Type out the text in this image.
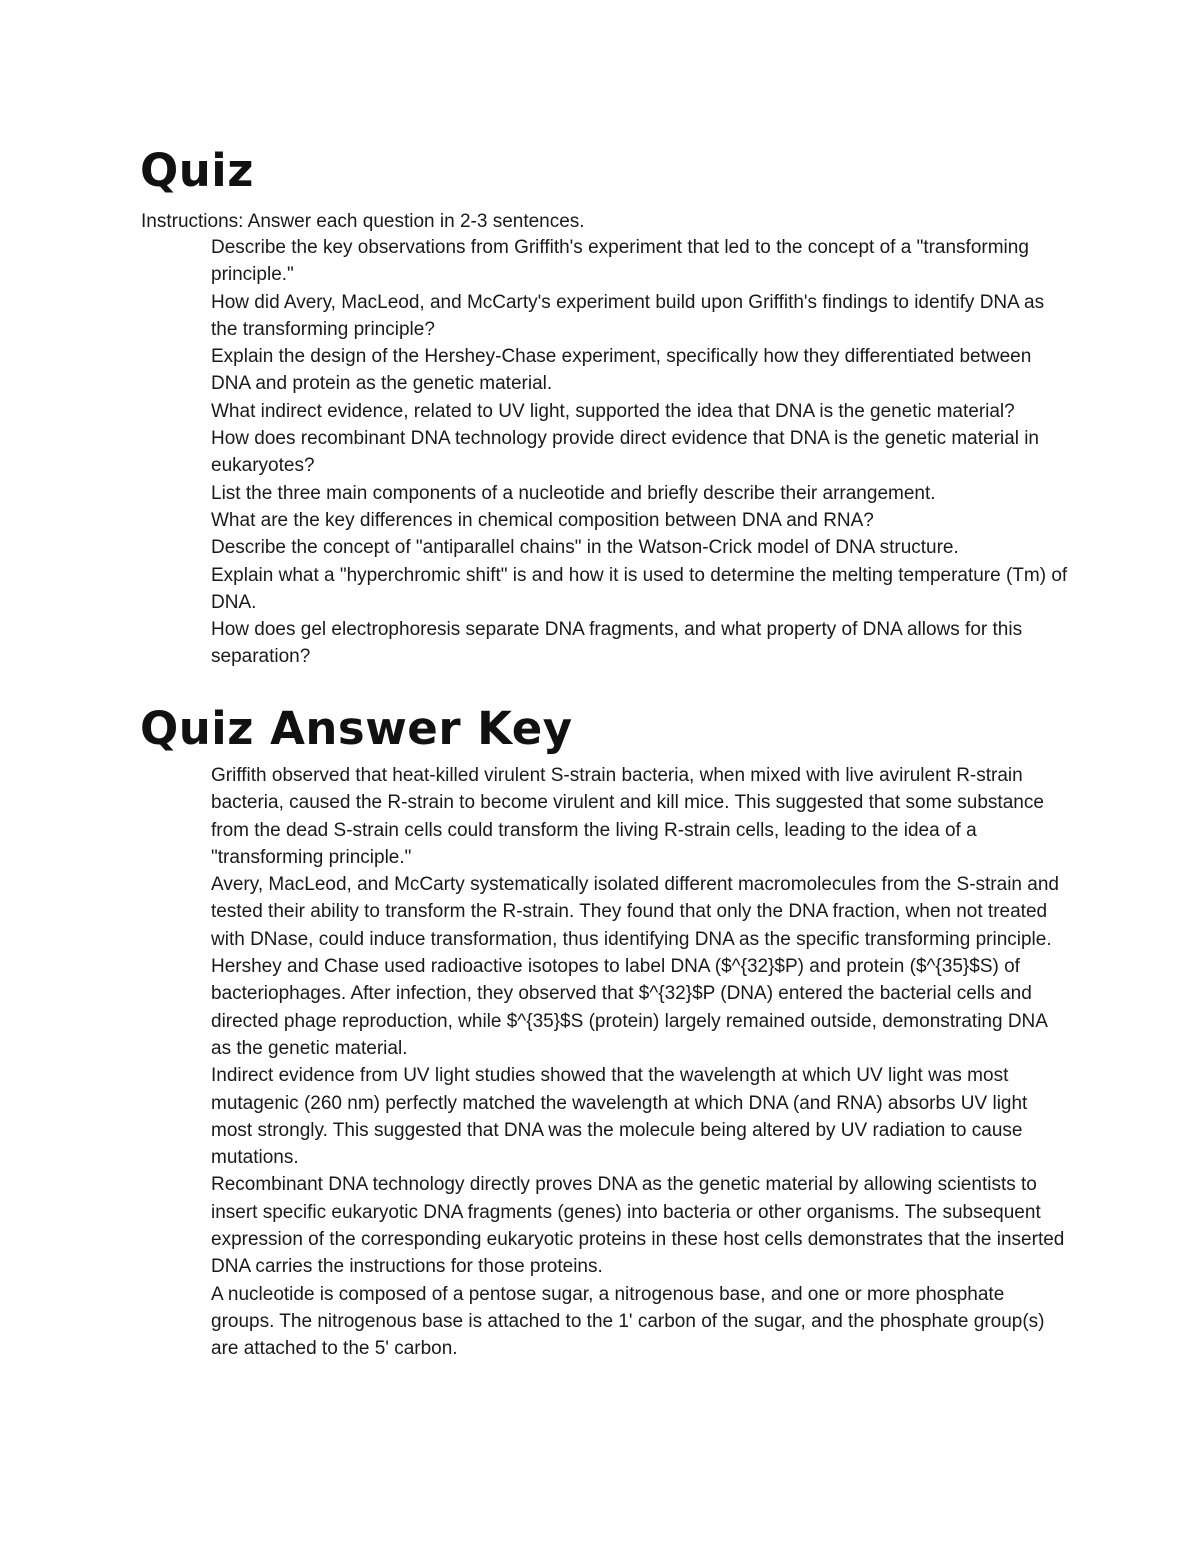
Quiz

Instructions: Answer each question in 2-3 sentences.

Describe the key observations from Griffith's experiment that led to the concept of a "transforming principle."
How did Avery, MacLeod, and McCarty's experiment build upon Griffith's findings to identify DNA as the transforming principle?
Explain the design of the Hershey-Chase experiment, specifically how they differentiated between DNA and protein as the genetic material.
What indirect evidence, related to UV light, supported the idea that DNA is the genetic material?
How does recombinant DNA technology provide direct evidence that DNA is the genetic material in eukaryotes?
List the three main components of a nucleotide and briefly describe their arrangement.
What are the key differences in chemical composition between DNA and RNA?
Describe the concept of "antiparallel chains" in the Watson-Crick model of DNA structure.
Explain what a "hyperchromic shift" is and how it is used to determine the melting temperature (Tm) of DNA.
How does gel electrophoresis separate DNA fragments, and what property of DNA allows for this separation?
Quiz Answer Key
Griffith observed that heat-killed virulent S-strain bacteria, when mixed with live avirulent R-strain bacteria, caused the R-strain to become virulent and kill mice. This suggested that some substance from the dead S-strain cells could transform the living R-strain cells, leading to the idea of a "transforming principle."
Avery, MacLeod, and McCarty systematically isolated different macromolecules from the S-strain and tested their ability to transform the R-strain. They found that only the DNA fraction, when not treated with DNase, could induce transformation, thus identifying DNA as the specific transforming principle.
Hershey and Chase used radioactive isotopes to label DNA ($^{32}$P) and protein ($^{35}$S) of bacteriophages. After infection, they observed that $^{32}$P (DNA) entered the bacterial cells and directed phage reproduction, while $^{35}$S (protein) largely remained outside, demonstrating DNA as the genetic material.
Indirect evidence from UV light studies showed that the wavelength at which UV light was most mutagenic (260 nm) perfectly matched the wavelength at which DNA (and RNA) absorbs UV light most strongly. This suggested that DNA was the molecule being altered by UV radiation to cause mutations.
Recombinant DNA technology directly proves DNA as the genetic material by allowing scientists to insert specific eukaryotic DNA fragments (genes) into bacteria or other organisms. The subsequent expression of the corresponding eukaryotic proteins in these host cells demonstrates that the inserted DNA carries the instructions for those proteins.
A nucleotide is composed of a pentose sugar, a nitrogenous base, and one or more phosphate groups. The nitrogenous base is attached to the 1' carbon of the sugar, and the phosphate group(s) are attached to the 5' carbon.
